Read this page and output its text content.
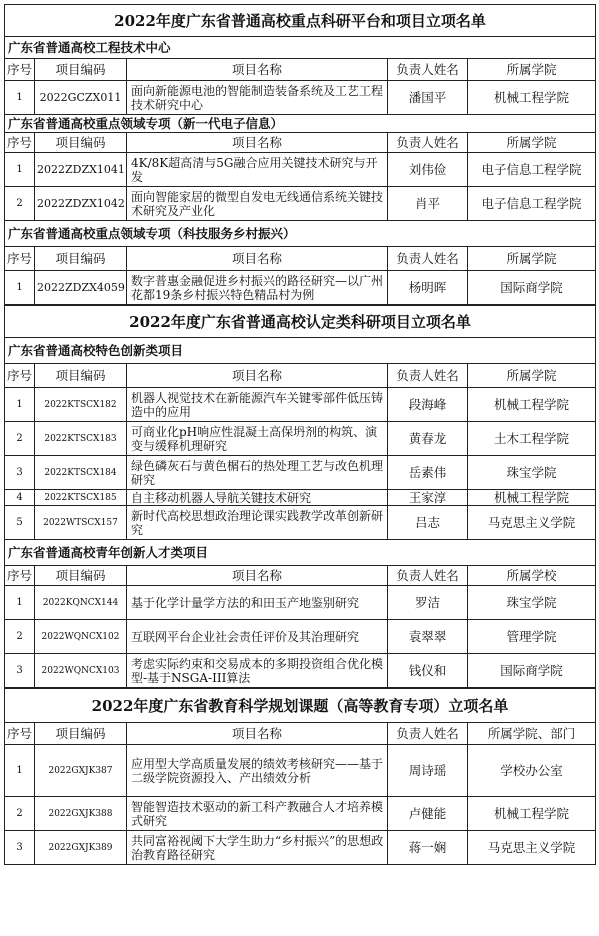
2022年度广东省普通高校重点科研平台和项目立项名单				
广东省普通高校工程技术中心				
序号	项目编码	项目名称	负责人姓名	所属学院
1	2022GCZX011	面向新能源电池的智能制造装备系统及工艺工程技术研究中心	潘国平	机械工程学院
广东省普通高校重点领域专项（新一代电子信息）				
序号	项目编码	项目名称	负责人姓名	所属学院
1	2022ZDZX1041	4K/8K超高清与5G融合应用关键技术研究与开发	刘伟俭	电子信息工程学院
2	2022ZDZX1042	面向智能家居的微型自发电无线通信系统关键技术研究及产业化	肖平	电子信息工程学院
广东省普通高校重点领域专项（科技服务乡村振兴）				
序号	项目编码	项目名称	负责人姓名	所属学院
1	2022ZDZX4059	数字普惠金融促进乡村振兴的路径研究—以广州花都19条乡村振兴特色精品村为例	杨明晖	国际商学院
2022年度广东省普通高校认定类科研项目立项名单				
广东省普通高校特色创新类项目				
序号	项目编码	项目名称	负责人姓名	所属学院
1	2022KTSCX182	机器人视觉技术在新能源汽车关键零部件低压铸造中的应用	段海峰	机械工程学院
2	2022KTSCX183	可商业化pH响应性混凝土高保坍剂的构筑、演变与缓释机理研究	黄春龙	土木工程学院
3	2022KTSCX184	绿色磷灰石与黄色榍石的热处理工艺与改色机理研究	岳素伟	珠宝学院
4	2022KTSCX185	自主移动机器人导航关键技术研究	王家淳	机械工程学院
5	2022WTSCX157	新时代高校思想政治理论课实践教学改革创新研究	吕志	马克思主义学院
广东省普通高校青年创新人才类项目				
序号	项目编码	项目名称	负责人姓名	所属学校
1	2022KQNCX144	基于化学计量学方法的和田玉产地鉴别研究	罗洁	珠宝学院
2	2022WQNCX102	互联网平台企业社会责任评价及其治理研究	袁翠翠	管理学院
3	2022WQNCX103	考虑实际约束和交易成本的多期投资组合优化模型-基于NSGA-III算法	钱仪和	国际商学院
2022年度广东省教育科学规划课题（高等教育专项）立项名单				
序号	项目编码	项目名称	负责人姓名	所属学院、部门
1	2022GXJK387	应用型大学高质量发展的绩效考核研究——基于二级学院资源投入、产出绩效分析	周诗瑶	学校办公室
2	2022GXJK388	智能智造技术驱动的新工科产教融合人才培养模式研究	卢健能	机械工程学院
3	2022GXJK389	共同富裕视阈下大学生助力“乡村振兴”的思想政治教育路径研究	蒋一娴	马克思主义学院
